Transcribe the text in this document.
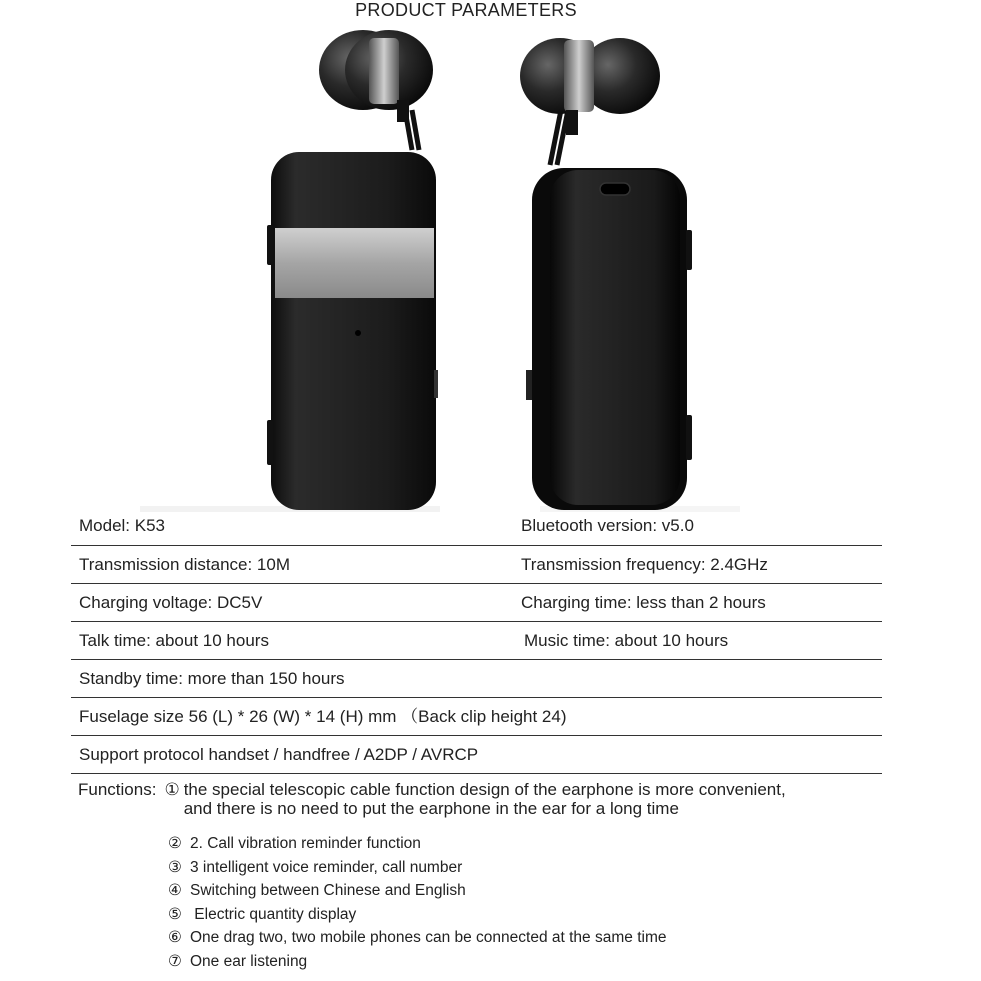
PRODUCT PARAMETERS
Model: K53	Bluetooth version: v5.0
Transmission distance: 10M	Transmission frequency: 2.4GHz
Charging voltage: DC5V	Charging time: less than 2 hours
Talk time: about 10 hours	Music time: about 10 hours
Standby time: more than 150 hours
Fuselage size 56 (L) * 26 (W) * 14 (H) mm （Back clip height 24)
Support protocol handset / handfree / A2DP / AVRCP
Functions: ① the special telescopic cable function design of the earphone is more convenient,
and there is no need to put the earphone in the ear for a long time
② 2. Call vibration reminder function
③ 3 intelligent voice reminder, call number
④ Switching between Chinese and English
⑤ Electric quantity display
⑥ One drag two, two mobile phones can be connected at the same time
⑦ One ear listening
